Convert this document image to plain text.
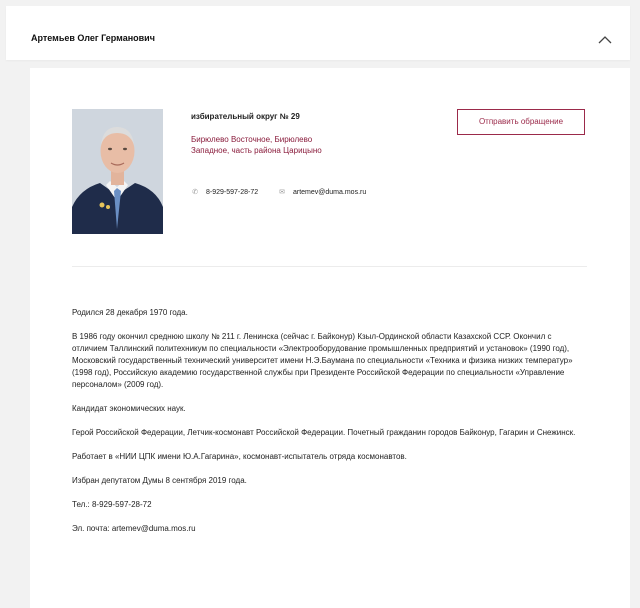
Артемьев Олег Германович
избирательный округ № 29
Бирюлево Восточное, Бирюлево Западное, часть района Царицыно
✆ 8-929-597-28-72	✉ artemev@duma.mos.ru
Отправить обращение

Родился 28 декабря 1970 года.

В 1986 году окончил среднюю школу № 211 г. Ленинска (сейчас г. Байконур) Кзыл-Ординской области Казахской ССР. Окончил с отличием Таллинский политехникум по специальности «Электрооборудование промышленных предприятий и установок» (1990 год), Московский государственный технический университет имени Н.Э.Баумана по специальности «Техника и физика низких температур» (1998 год), Российскую академию государственной службы при Президенте Российской Федерации по специальности «Управление персоналом» (2009 год).

Кандидат экономических наук.

Герой Российской Федерации, Летчик-космонавт Российской Федерации. Почетный гражданин городов Байконур, Гагарин и Снежинск.

Работает в «НИИ ЦПК имени Ю.А.Гагарина», космонавт-испытатель отряда космонавтов.

Избран депутатом Думы 8 сентября 2019 года.

Тел.: 8-929-597-28-72

Эл. почта: artemev@duma.mos.ru
